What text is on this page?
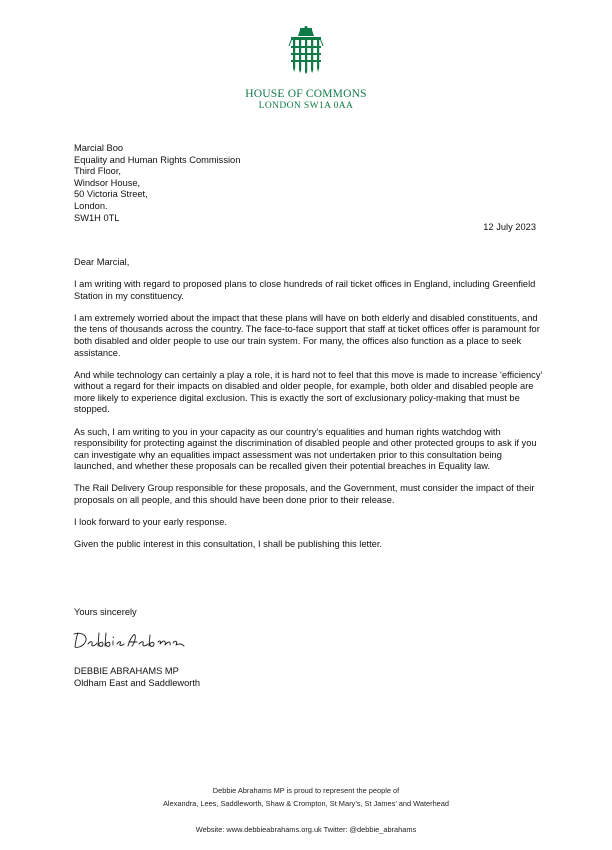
HOUSE OF COMMONS
LONDON SW1A 0AA
Marcial Boo
Equality and Human Rights Commission
Third Floor,
Windsor House,
50 Victoria Street,
London.
SW1H 0TL
12 July 2023
Dear Marcial,

I am writing with regard to proposed plans to close hundreds of rail ticket offices in England, including Greenfield Station in my constituency.

I am extremely worried about the impact that these plans will have on both elderly and disabled constituents, and the tens of thousands across the country. The face-to-face support that staff at ticket offices offer is paramount for both disabled and older people to use our train system. For many, the offices also function as a place to seek assistance.

And while technology can certainly a play a role, it is hard not to feel that this move is made to increase ‘efficiency’ without a regard for their impacts on disabled and older people, for example, both older and disabled people are more likely to experience digital exclusion. This is exactly the sort of exclusionary policy-making that must be stopped.

As such, I am writing to you in your capacity as our country’s equalities and human rights watchdog with responsibility for protecting against the discrimination of disabled people and other protected groups to ask if you can investigate why an equalities impact assessment was not undertaken prior to this consultation being launched, and whether these proposals can be recalled given their potential breaches in Equality law.

The Rail Delivery Group responsible for these proposals, and the Government, must consider the impact of their proposals on all people, and this should have been done prior to their release.

I look forward to your early response.

Given the public interest in this consultation, I shall be publishing this letter.

Yours sincerely
DEBBIE ABRAHAMS MP
Oldham East and Saddleworth
Debbie Abrahams MP is proud to represent the people of
Alexandra, Lees, Saddleworth, Shaw & Crompton, St Mary’s, St James’ and Waterhead
Website: www.debbieabrahams.org.uk Twitter: @debbie_abrahams
